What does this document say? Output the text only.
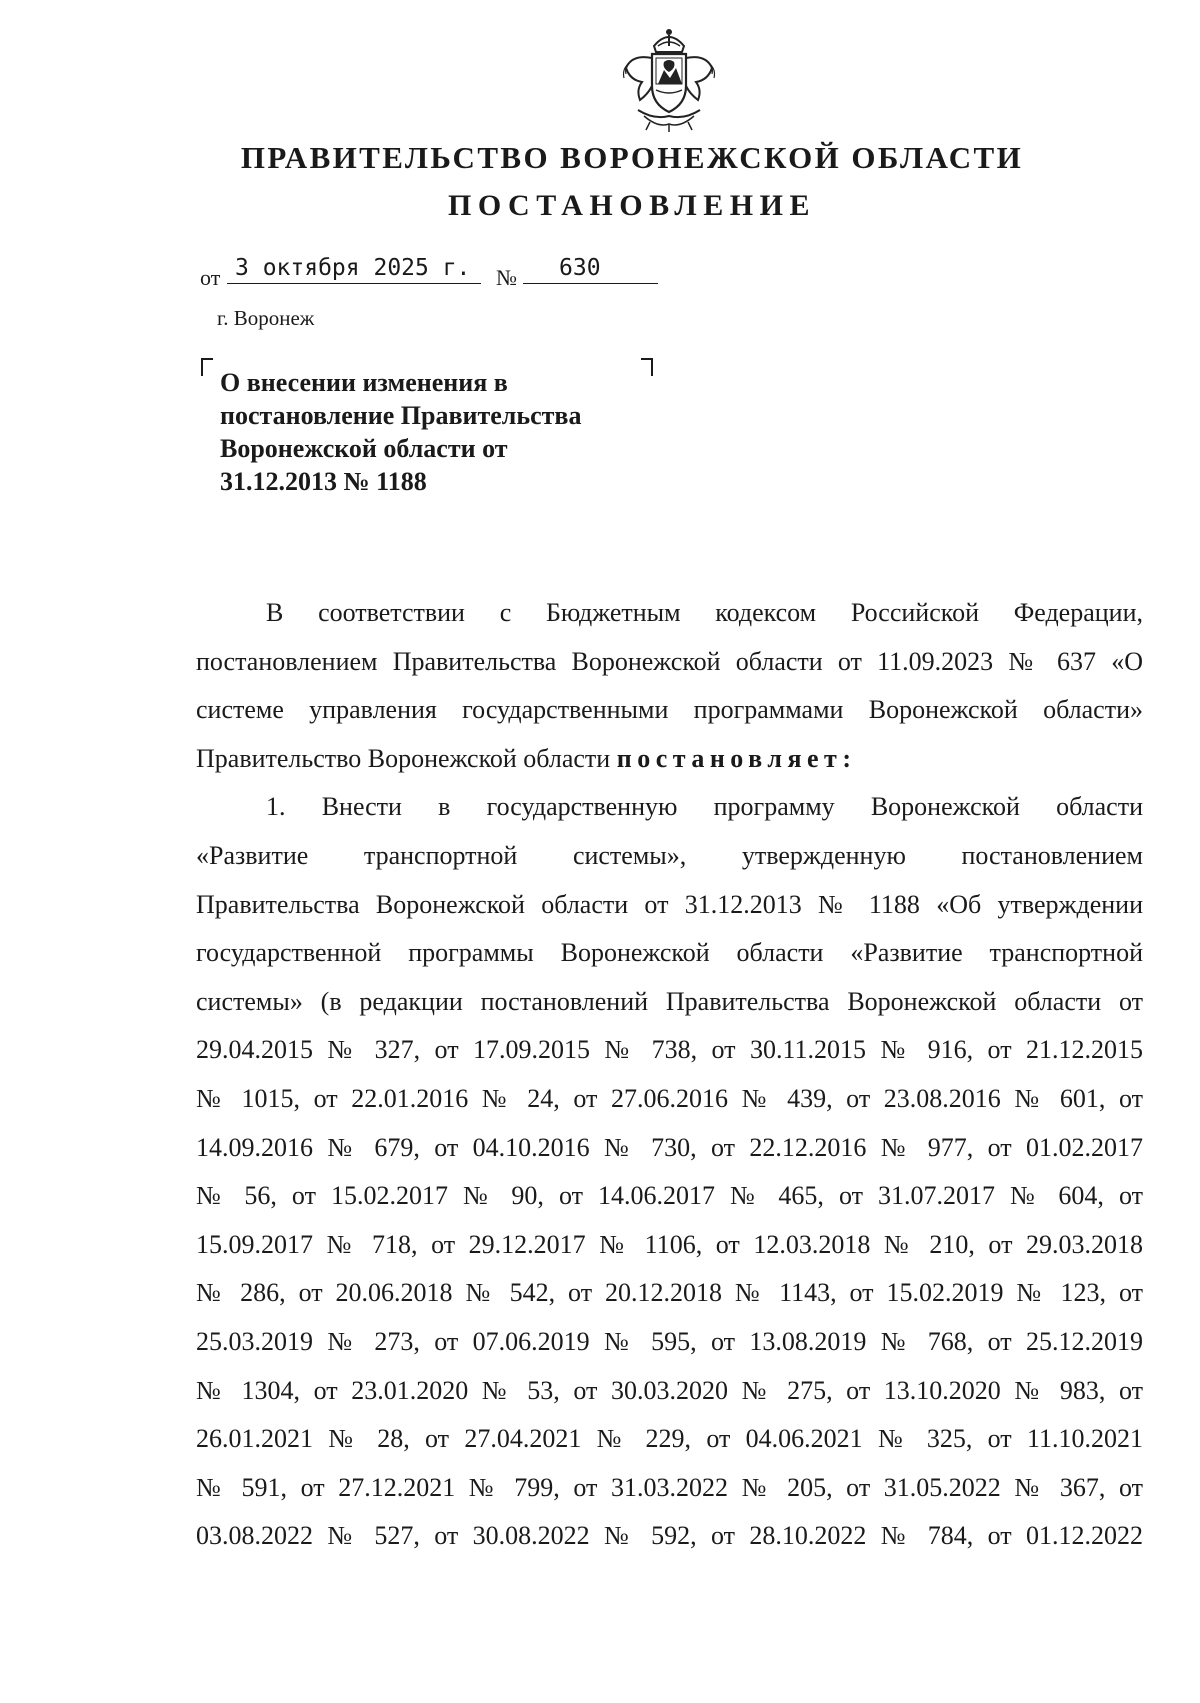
ПРАВИТЕЛЬСТВО ВОРОНЕЖСКОЙ ОБЛАСТИ
ПОСТАНОВЛЕНИЕ
от 3 октября 2025 г.	№	630
г. Воронеж
О внесении изменения в
постановление Правительства
Воронежской области от
31.12.2013 № 1188
В соответствии с Бюджетным кодексом Российской Федерации,
постановлением Правительства Воронежской области от 11.09.2023 № 637 «О
системе управления государственными программами Воронежской области»
Правительство Воронежской области постановляет:
1. Внести в государственную программу Воронежской области
«Развитие транспортной системы», утвержденную постановлением
Правительства Воронежской области от 31.12.2013 № 1188 «Об утверждении
государственной программы Воронежской области «Развитие транспортной
системы» (в редакции постановлений Правительства Воронежской области от
29.04.2015 № 327, от 17.09.2015 № 738, от 30.11.2015 № 916, от 21.12.2015
№ 1015, от 22.01.2016 № 24, от 27.06.2016 № 439, от 23.08.2016 № 601, от
14.09.2016 № 679, от 04.10.2016 № 730, от 22.12.2016 № 977, от 01.02.2017
№ 56, от 15.02.2017 № 90, от 14.06.2017 № 465, от 31.07.2017 № 604, от
15.09.2017 № 718, от 29.12.2017 № 1106, от 12.03.2018 № 210, от 29.03.2018
№ 286, от 20.06.2018 № 542, от 20.12.2018 № 1143, от 15.02.2019 № 123, от
25.03.2019 № 273, от 07.06.2019 № 595, от 13.08.2019 № 768, от 25.12.2019
№ 1304, от 23.01.2020 № 53, от 30.03.2020 № 275, от 13.10.2020 № 983, от
26.01.2021 № 28, от 27.04.2021 № 229, от 04.06.2021 № 325, от 11.10.2021
№ 591, от 27.12.2021 № 799, от 31.03.2022 № 205, от 31.05.2022 № 367, от
03.08.2022 № 527, от 30.08.2022 № 592, от 28.10.2022 № 784, от 01.12.2022
